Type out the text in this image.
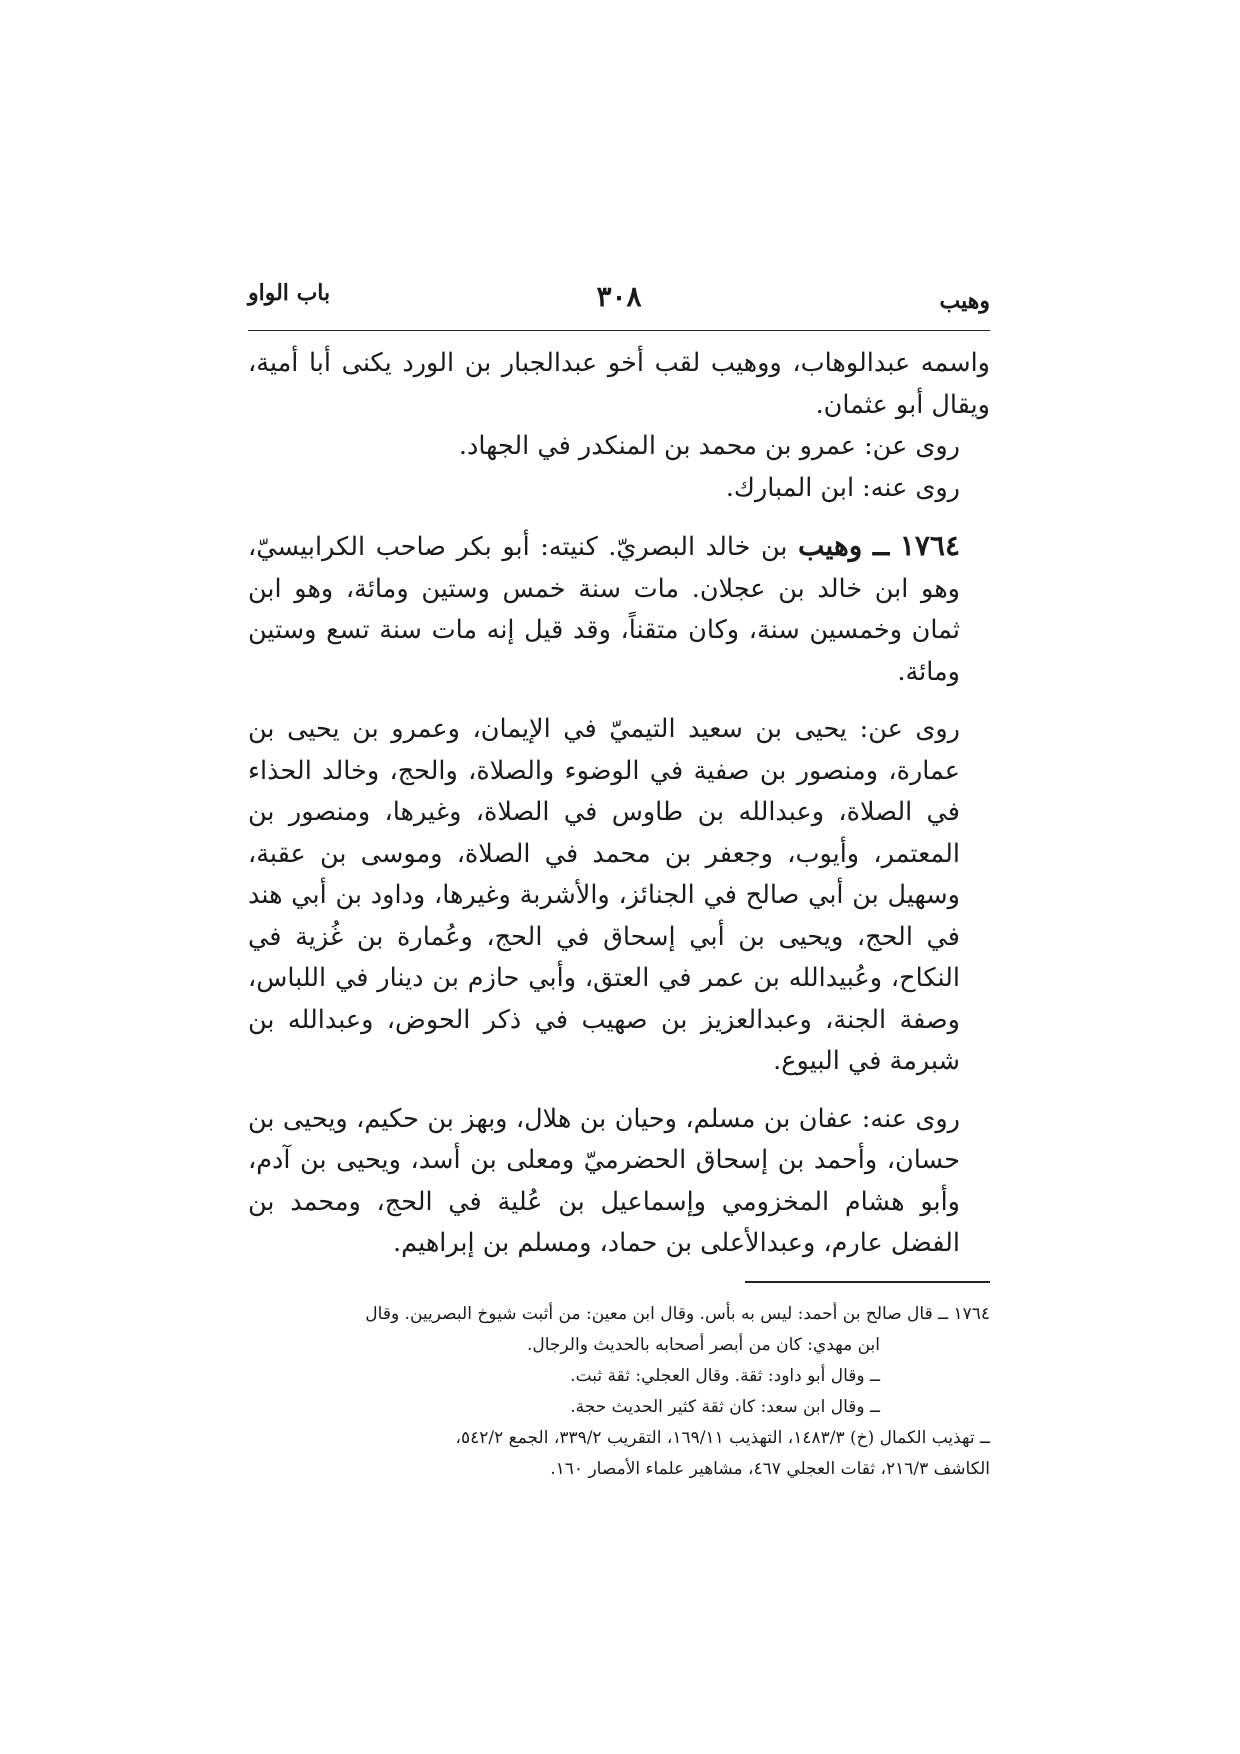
وهيب
٣٠٨
باب الواو

واسمه عبدالوهاب، ووهيب لقب أخو عبدالجبار بن الورد يكنى أبا أمية، ويقال أبو عثمان.

روى عن: عمرو بن محمد بن المنكدر في الجهاد.

روى عنه: ابن المبارك.

١٧٦٤ ــ وهيب بن خالد البصريّ. كنيته: أبو بكر صاحب الكرابيسيّ، وهو ابن خالد بن عجلان. مات سنة خمس وستين ومائة، وهو ابن ثمان وخمسين سنة، وكان متقناً، وقد قيل إنه مات سنة تسع وستين ومائة.

روى عن: يحيى بن سعيد التيميّ في الإيمان، وعمرو بن يحيى بن عمارة، ومنصور بن صفية في الوضوء والصلاة، والحج، وخالد الحذاء في الصلاة، وعبدالله بن طاوس في الصلاة، وغيرها، ومنصور بن المعتمر، وأيوب، وجعفر بن محمد في الصلاة، وموسى بن عقبة، وسهيل بن أبي صالح في الجنائز، والأشربة وغيرها، وداود بن أبي هند في الحج، ويحيى بن أبي إسحاق في الحج، وعُمارة بن غُزية في النكاح، وعُبيدالله بن عمر في العتق، وأبي حازم بن دينار في اللباس، وصفة الجنة، وعبدالعزيز بن صهيب في ذكر الحوض، وعبدالله بن شبرمة في البيوع.

روى عنه: عفان بن مسلم، وحيان بن هلال، وبهز بن حكيم، ويحيى بن حسان، وأحمد بن إسحاق الحضرميّ ومعلى بن أسد، ويحيى بن آدم، وأبو هشام المخزومي وإسماعيل بن عُلية في الحج، ومحمد بن الفضل عارم، وعبدالأعلى بن حماد، ومسلم بن إبراهيم.

١٧٦٤ ــ قال صالح بن أحمد: ليس به بأس. وقال ابن معين: من أثبت شيوخ البصريين. وقال

ابن مهدي: كان من أبصر أصحابه بالحديث والرجال.

ــ وقال أبو داود: ثقة. وقال العجلي: ثقة ثبت.

ــ وقال ابن سعد: كان ثقة كثير الحديث حجة.

ــ تهذيب الكمال (خ) ١٤٨٣/٣، التهذيب ١٦٩/١١، التقريب ٣٣٩/٢، الجمع ٥٤٢/٢،

الكاشف ٢١٦/٣، ثقات العجلي ٤٦٧، مشاهير علماء الأمصار ١٦٠.
